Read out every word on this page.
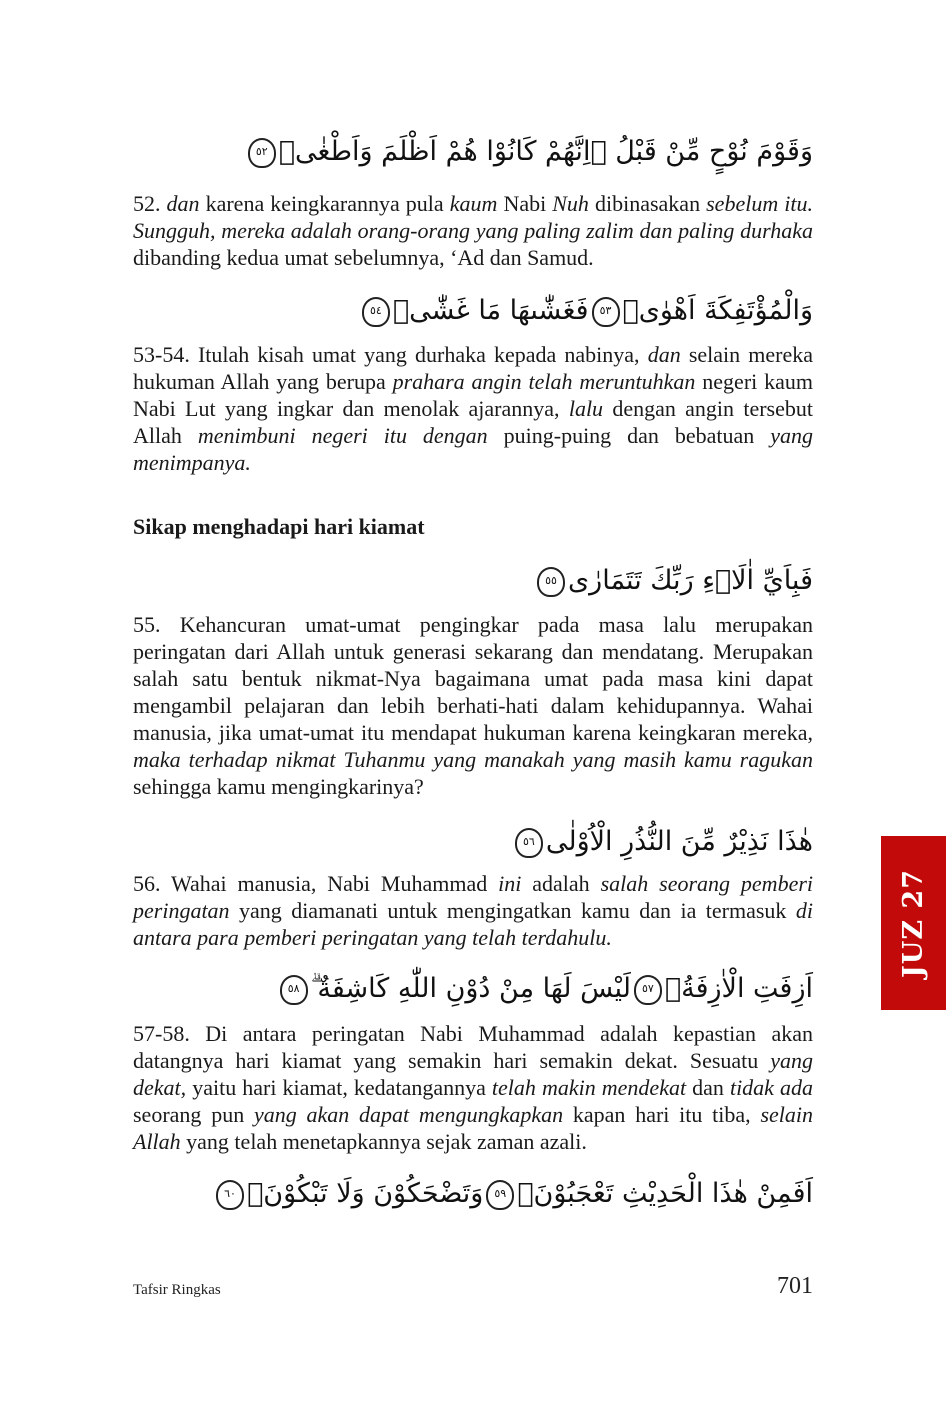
وَقَوْمَ نُوْحٍ مِّنْ قَبْلُ ۗاِنَّهُمْ كَانُوْا هُمْ اَظْلَمَ وَاَطْغٰىۗ٥٢

52. dan karena keingkarannya pula kaum Nabi Nuh dibinasakan sebelum itu. Sungguh, mereka adalah orang-orang yang paling zalim dan paling durhaka dibanding kedua umat sebelumnya, ‘Ad dan Samud.

وَالْمُؤْتَفِكَةَ اَهْوٰىۙ٥٣فَغَشّٰىهَا مَا غَشّٰىۚ٥٤

53-54. Itulah kisah umat yang durhaka kepada nabinya, dan selain mereka hukuman Allah yang berupa prahara angin telah meruntuhkan negeri kaum Nabi Lut yang ingkar dan menolak ajarannya, lalu dengan angin tersebut Allah menimbuni negeri itu dengan puing-puing dan bebatuan yang menimpanya.

Sikap menghadapi hari kiamat
فَبِاَيِّ اٰلَاۤءِ رَبِّكَ تَتَمَارٰى٥٥

55. Kehancuran umat-umat pengingkar pada masa lalu merupakan peringatan dari Allah untuk generasi sekarang dan mendatang. Merupakan salah satu bentuk nikmat-Nya bagaimana umat pada masa kini dapat mengambil pelajaran dan lebih berhati-hati dalam kehidupannya. Wahai manusia, jika umat-umat itu mendapat hukuman karena keingkaran mereka, maka terhadap nikmat Tuhanmu yang manakah yang masih kamu ragukan sehingga kamu mengingkarinya?

هٰذَا نَذِيْرٌ مِّنَ النُّذُرِ الْاُوْلٰى٥٦

56. Wahai manusia, Nabi Muhammad ini adalah salah seorang pemberi peringatan yang diamanati untuk mengingatkan kamu dan ia termasuk di antara para pemberi peringatan yang telah terdahulu.

اَزِفَتِ الْاٰزِفَةُۚ٥٧لَيْسَ لَهَا مِنْ دُوْنِ اللّٰهِ كَاشِفَةٌ ۗ٥٨

57-58. Di antara peringatan Nabi Muhammad adalah kepastian akan datangnya hari kiamat yang semakin hari semakin dekat. Sesuatu yang dekat, yaitu hari kiamat, kedatangannya telah makin mendekat dan tidak ada seorang pun yang akan dapat mengungkapkan kapan hari itu tiba, selain Allah yang telah menetapkannya sejak zaman azali.

اَفَمِنْ هٰذَا الْحَدِيْثِ تَعْجَبُوْنَۙ٥٩وَتَضْحَكُوْنَ وَلَا تَبْكُوْنَۙ٦٠
Tafsir Ringkas	701
JUZ 27
